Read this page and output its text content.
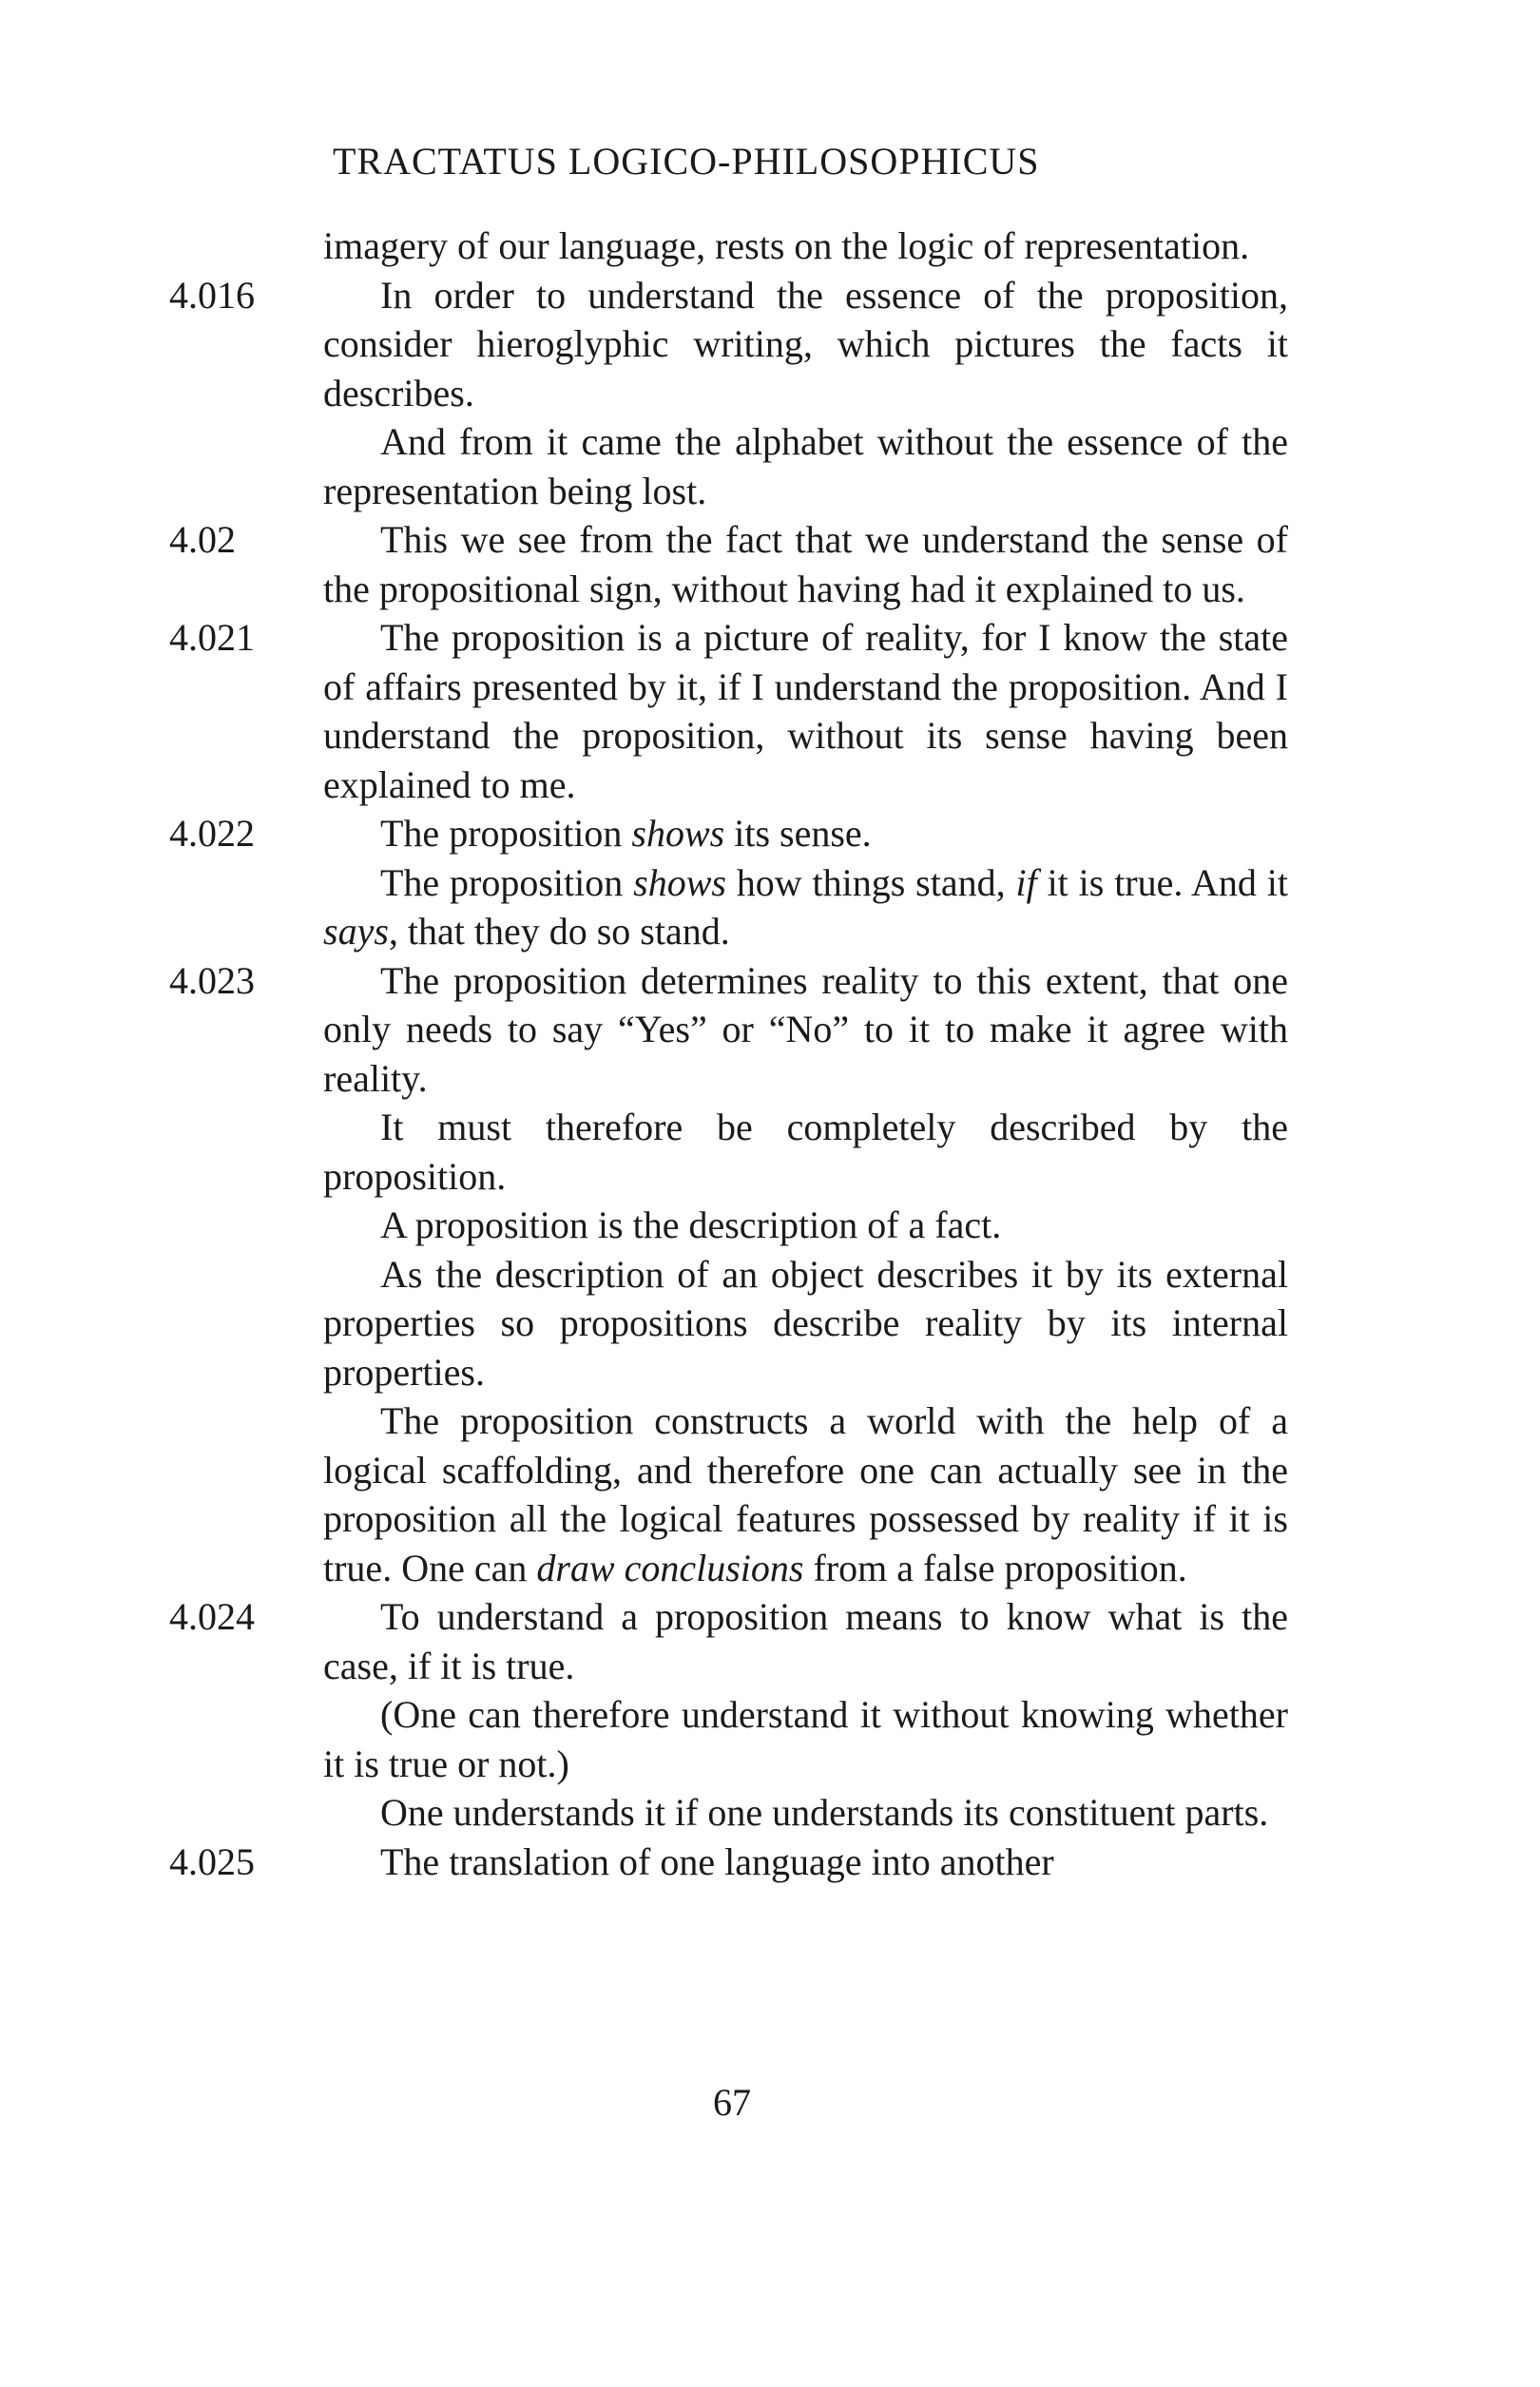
TRACTATUS LOGICO-PHILOSOPHICUS

imagery of our language, rests on the logic of representation.

4.016	In order to understand the essence of the proposition, consider hieroglyphic writing, which pictures the facts it describes.

And from it came the alphabet without the essence of the representation being lost.

4.02	This we see from the fact that we understand the sense of the propositional sign, without having had it explained to us.

4.021	The proposition is a picture of reality, for I know the state of affairs presented by it, if I understand the proposition. And I understand the proposition, without its sense having been explained to me.

4.022	The proposition shows its sense.

The proposition shows how things stand, if it is true. And it says, that they do so stand.

4.023	The proposition determines reality to this extent, that one only needs to say “Yes” or “No” to it to make it agree with reality.

It must therefore be completely described by the proposition.

A proposition is the description of a fact.

As the description of an object describes it by its external properties so propositions describe reality by its internal properties.

The proposition constructs a world with the help of a logical scaffolding, and therefore one can actually see in the proposition all the logical features possessed by reality if it is true. One can draw conclusions from a false proposition.

4.024	To understand a proposition means to know what is the case, if it is true.

(One can therefore understand it without knowing whether it is true or not.)

One understands it if one understands its constituent parts.

4.025	The translation of one language into another

67
